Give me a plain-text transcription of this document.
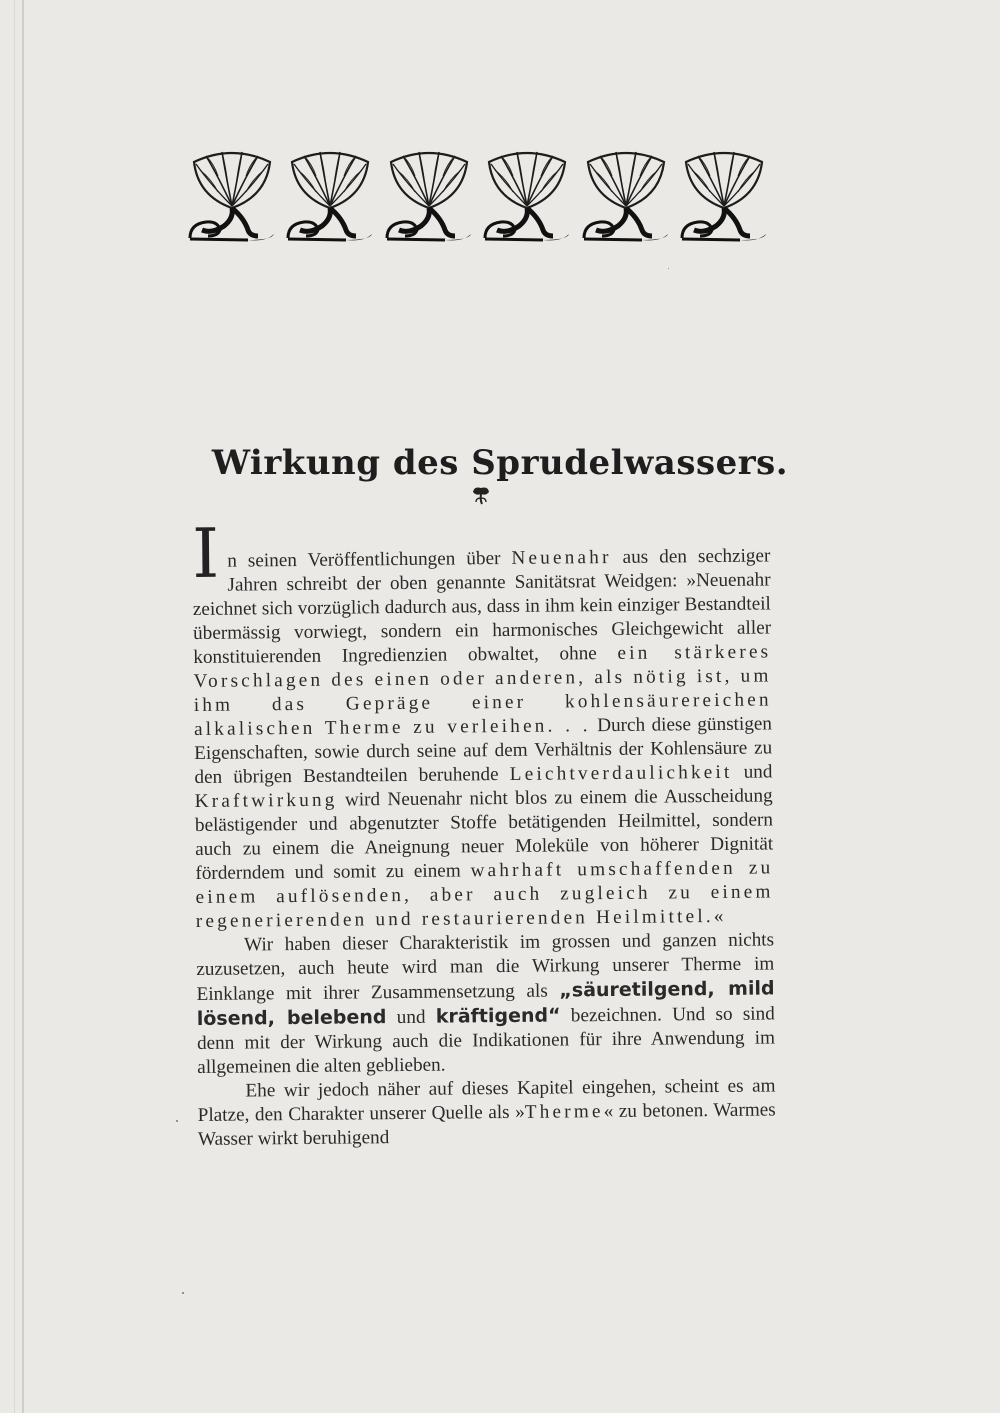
Wirkung des Sprudelwassers.

In seinen Veröffentlichungen über Neuenahr aus den sechziger Jahren schreibt der oben genannte Sanitätsrat Weidgen: »Neuenahr zeichnet sich vorzüglich dadurch aus, dass in ihm kein einziger Bestandteil übermässig vorwiegt, sondern ein harmonisches Gleichgewicht aller konstituierenden Ingredienzien obwaltet, ohne ein stärkeres Vorschlagen des einen oder anderen, als nötig ist, um ihm das Gepräge einer kohlensäurereichen alkalischen Therme zu verleihen. . . Durch diese günstigen Eigenschaften, sowie durch seine auf dem Verhältnis der Kohlensäure zu den übrigen Bestandteilen beruhende Leichtverdaulichkeit und Kraftwirkung wird Neuenahr nicht blos zu einem die Ausscheidung belästigender und abgenutzter Stoffe betätigenden Heilmittel, sondern auch zu einem die Aneignung neuer Moleküle von höherer Dignität förderndem und somit zu einem wahrhaft umschaffenden zu einem auflösenden, aber auch zugleich zu einem regenerierenden und restaurierenden Heilmittel.«

Wir haben dieser Charakteristik im grossen und ganzen nichts zuzusetzen, auch heute wird man die Wirkung unserer Therme im Einklange mit ihrer Zusammensetzung als „säuretilgend, mild lösend, belebend und kräftigend“ bezeichnen. Und so sind denn mit der Wirkung auch die Indikationen für ihre Anwendung im allgemeinen die alten geblieben.

Ehe wir jedoch näher auf dieses Kapitel eingehen, scheint es am Platze, den Charakter unserer Quelle als »Therme« zu betonen. Warmes Wasser wirkt beruhigend
